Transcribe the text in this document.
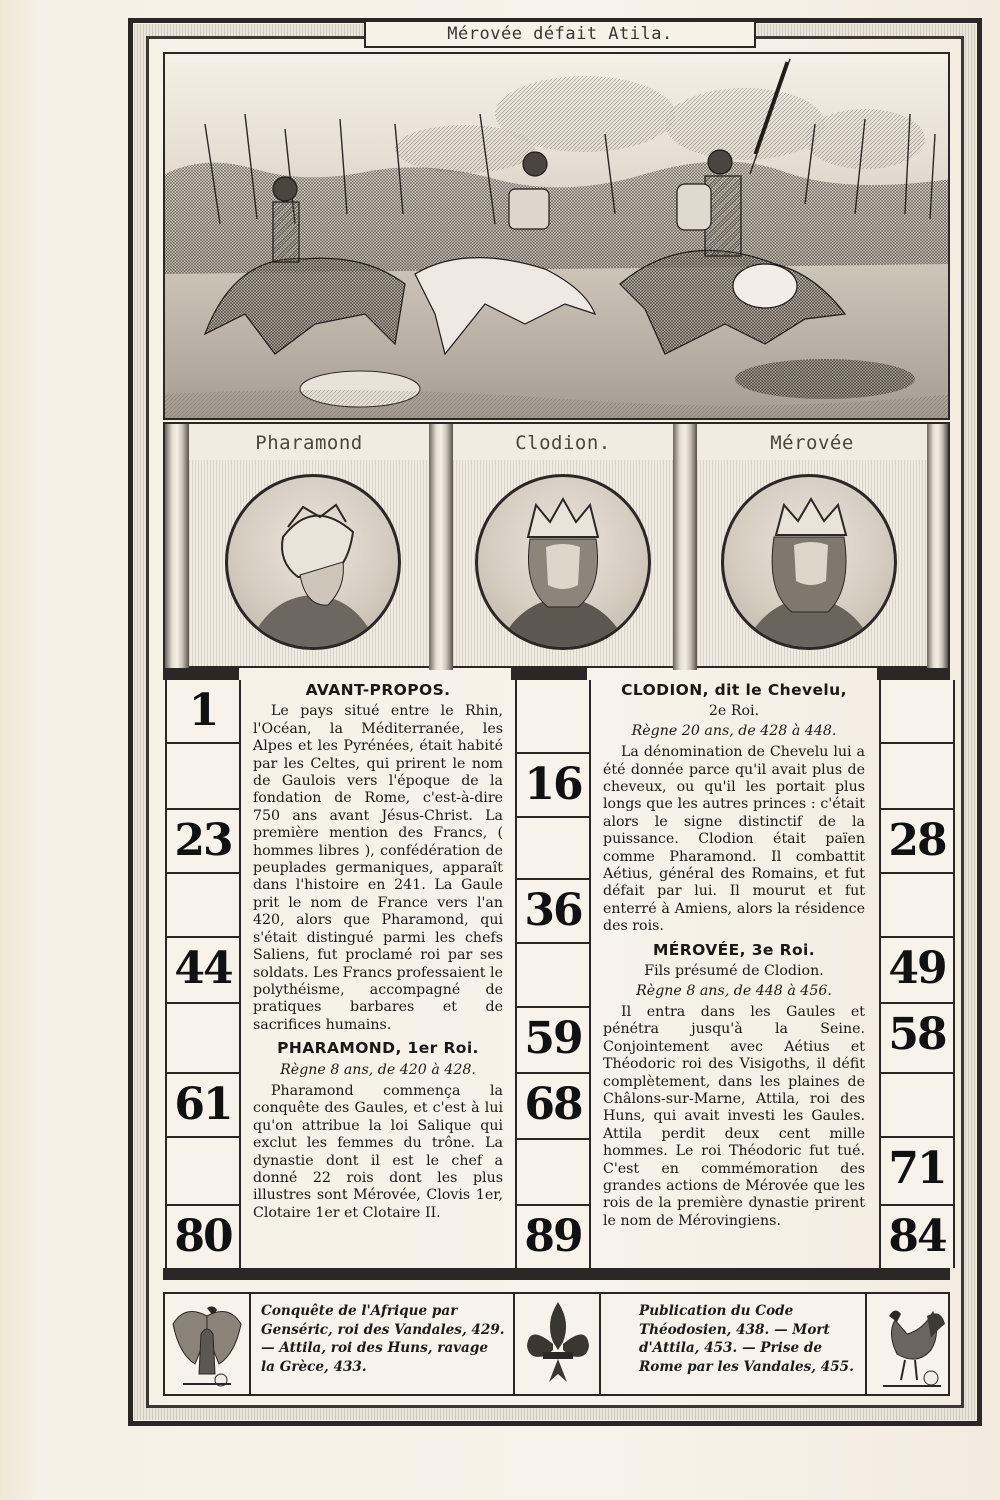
Mérovée défait Atila.
Pharamond	Clodion.	Mérovée
1
23
44
61
80
AVANT-PROPOS.

Le pays situé entre le Rhin, l'Océan, la Méditerranée, les Alpes et les Pyrénées, était habité par les Celtes, qui prirent le nom de Gaulois vers l'époque de la fondation de Rome, c'est-à-dire 750 ans avant Jésus-Christ. La première mention des Francs, ( hommes libres ), confédération de peuplades germaniques, apparaît dans l'histoire en 241. La Gaule prit le nom de France vers l'an 420, alors que Pharamond, qui s'était distingué parmi les chefs Saliens, fut proclamé roi par ses soldats. Les Francs professaient le polythéisme, accompagné de pratiques barbares et de sacrifices humains.

PHARAMOND, 1er Roi.
Règne 8 ans, de 420 à 428.

Pharamond commença la conquête des Gaules, et c'est à lui qu'on attribue la loi Salique qui exclut les femmes du trône. La dynastie dont il est le chef a donné 22 rois dont les plus illustres sont Mérovée, Clovis 1er, Clotaire 1er et Clotaire II.

16
36
59
68
89
CLODION, dit le Chevelu,
2e Roi.
Règne 20 ans, de 428 à 448.

La dénomination de Chevelu lui a été donnée parce qu'il avait plus de cheveux, ou qu'il les portait plus longs que les autres princes : c'était alors le signe distinctif de la puissance. Clodion était païen comme Pharamond. Il combattit Aétius, général des Romains, et fut défait par lui. Il mourut et fut enterré à Amiens, alors la résidence des rois.

MÉROVÉE, 3e Roi.
Fils présumé de Clodion.
Règne 8 ans, de 448 à 456.

Il entra dans les Gaules et pénétra jusqu'à la Seine. Conjointement avec Aétius et Théodoric roi des Visigoths, il défit complètement, dans les plaines de Châlons-sur-Marne, Attila, roi des Huns, qui avait investi les Gaules. Attila perdit deux cent mille hommes. Le roi Théodoric fut tué. C'est en commémoration des grandes actions de Mérovée que les rois de la première dynastie prirent le nom de Mérovingiens.

28
49
58
71
84
Conquête de l'Afrique par Genséric, roi des Vandales, 429. — Attila, roi des Huns, ravage la Grèce, 433.
Publication du Code Théodosien, 438. — Mort d'Attila, 453. — Prise de Rome par les Vandales, 455.
